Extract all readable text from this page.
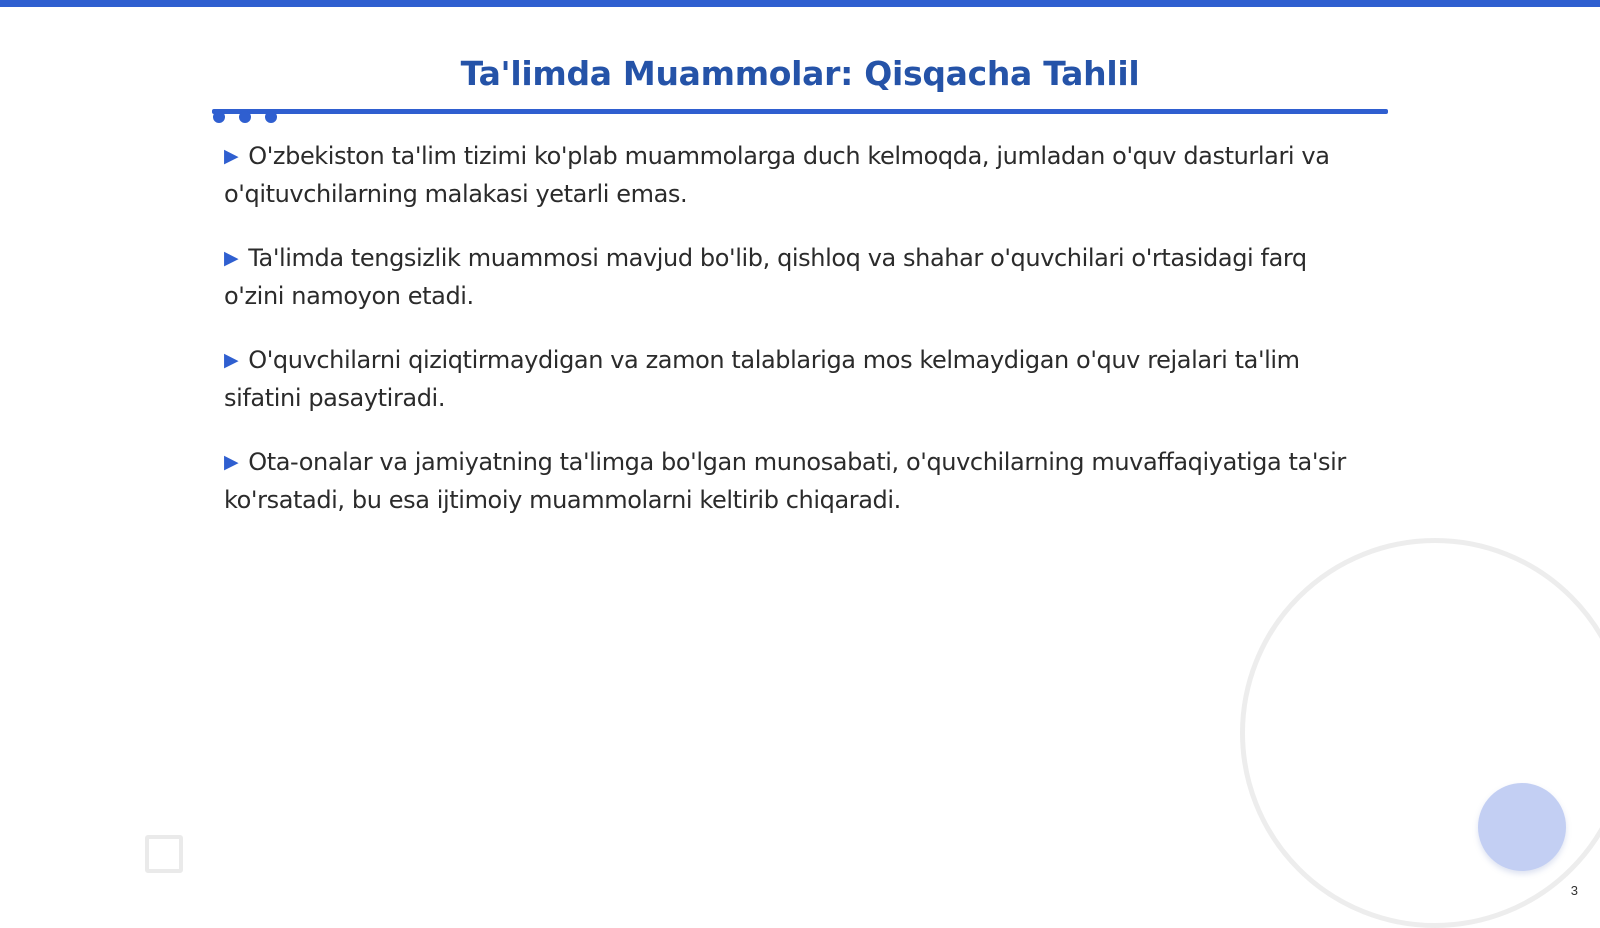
Ta'limda Muammolar: Qisqacha Tahlil
▶ O'zbekiston ta'lim tizimi ko'plab muammolarga duch kelmoqda, jumladan o'quv dasturlari va o'qituvchilarning malakasi yetarli emas.
▶ Ta'limda tengsizlik muammosi mavjud bo'lib, qishloq va shahar o'quvchilari o'rtasidagi farq o'zini namoyon etadi.
▶ O'quvchilarni qiziqtirmaydigan va zamon talablariga mos kelmaydigan o'quv rejalari ta'lim sifatini pasaytiradi.
▶ Ota-onalar va jamiyatning ta'limga bo'lgan munosabati, o'quvchilarning muvaffaqiyatiga ta'sir ko'rsatadi, bu esa ijtimoiy muammolarni keltirib chiqaradi.
3
